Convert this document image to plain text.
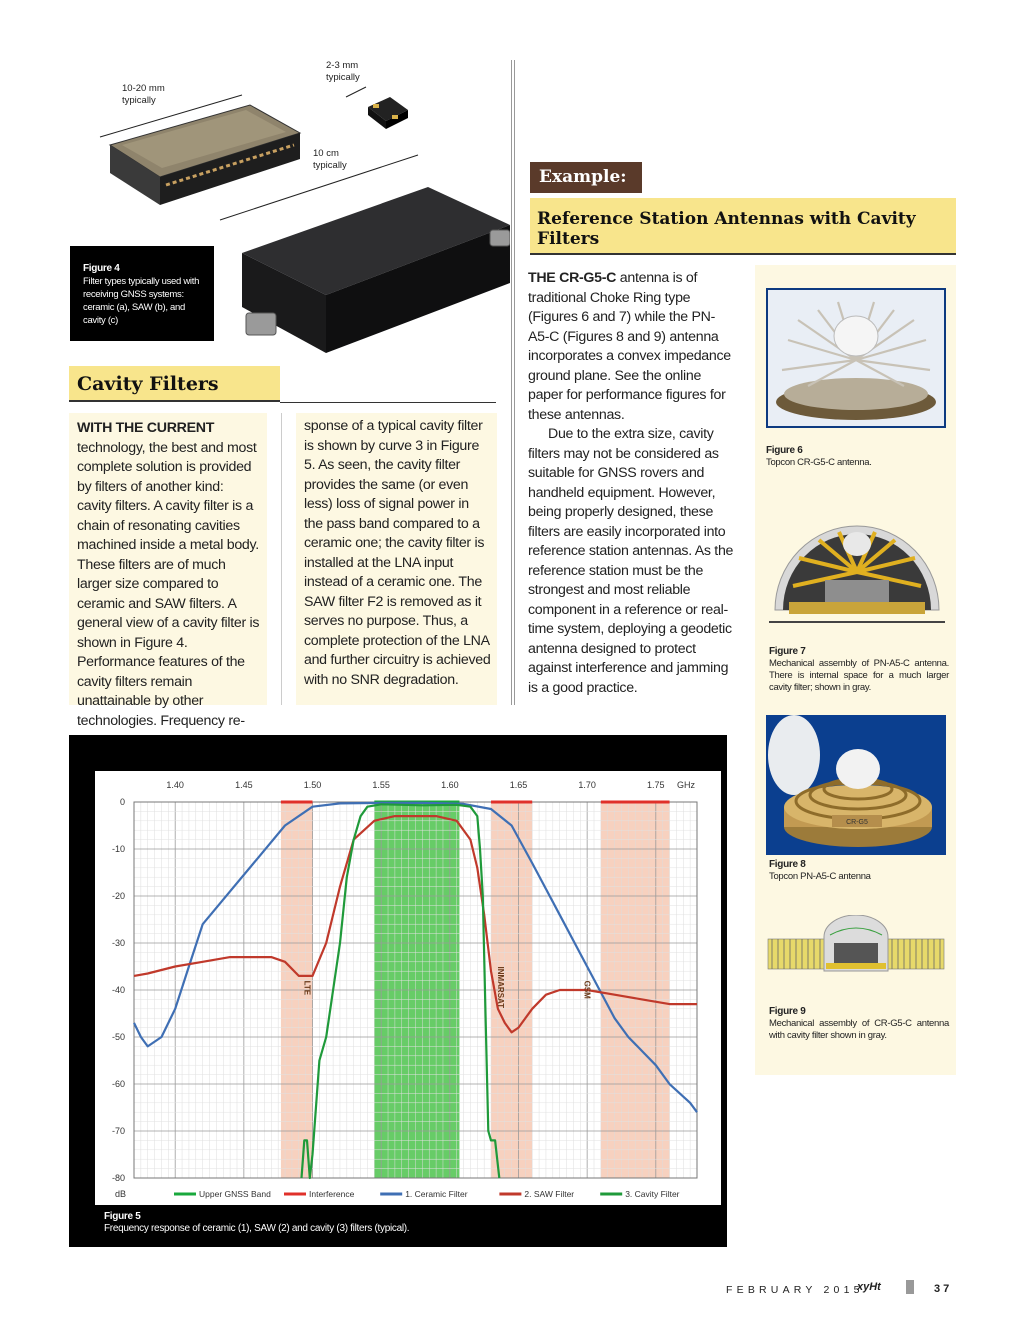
10-20 mm typically
2-3 mm typically
10 cm typically
Figure 4
Filter types typically used with receiving GNSS systems: ceramic (a), SAW (b), and cavity (c)
Cavity Filters
WITH THE CURRENT technology, the best and most complete solution is provided by filters of another kind: cavity filters. A cavity filter is a chain of resonating cavities machined inside a metal body. These filters are of much larger size compared to ceramic and SAW filters. A general view of a cavity filter is shown in Figure 4. Performance features of the cavity filters remain unattainable by other technologies. Frequency re-
sponse of a typical cavity filter is shown by curve 3 in Figure 5. As seen, the cavity filter provides the same (or even less) loss of signal power in the pass band compared to a ceramic one; the cavity filter is installed at the LNA input instead of a ceramic one. The SAW filter F2 is removed as it serves no purpose. Thus, a complete protection of the LNA and further circuitry is achieved with no SNR degradation.
Example:
Reference Station Antennas with Cavity Filters

THE CR-G5-C antenna is of traditional Choke Ring type (Figures 6 and 7) while the PN-A5-C (Figures 8 and 9) antenna incorporates a convex impedance ground plane. See the online paper for performance figures for these antennas.

Due to the extra size, cavity filters may not be considered as suitable for GNSS rovers and handheld equipment. However, being properly designed, these filters are easily incorporated into reference station antennas. As the reference station must be the strongest and most reliable component in a reference or real-time system, deploying a geodetic antenna designed to protect against interference and jamming is a good practice.

Figure 6
Topcon CR-G5-C antenna.
Figure 7
Mechanical assembly of PN-A5-C antenna. There is internal space for a much larger cavity filter; shown in gray.
CR-G5
Figure 8
Topcon PN-A5-C antenna
Figure 9
Mechanical assembly of CR-G5-C antenna with cavity filter shown in gray.
1.40	1.45	1.50	1.55	1.60	1.65	1.70	1.75 GHz
0
-10
-20
-30
-40
-50
-60
-70
-80
dB
LTE	INMARSAT	GSM
Upper GNSS Band	Interference	1. Ceramic Filter	2. SAW Filter	3. Cavity Filter
Figure 5
Frequency response of ceramic (1), SAW (2) and cavity (3) filters (typical).
FEBRUARY 2015
xyHt	37
